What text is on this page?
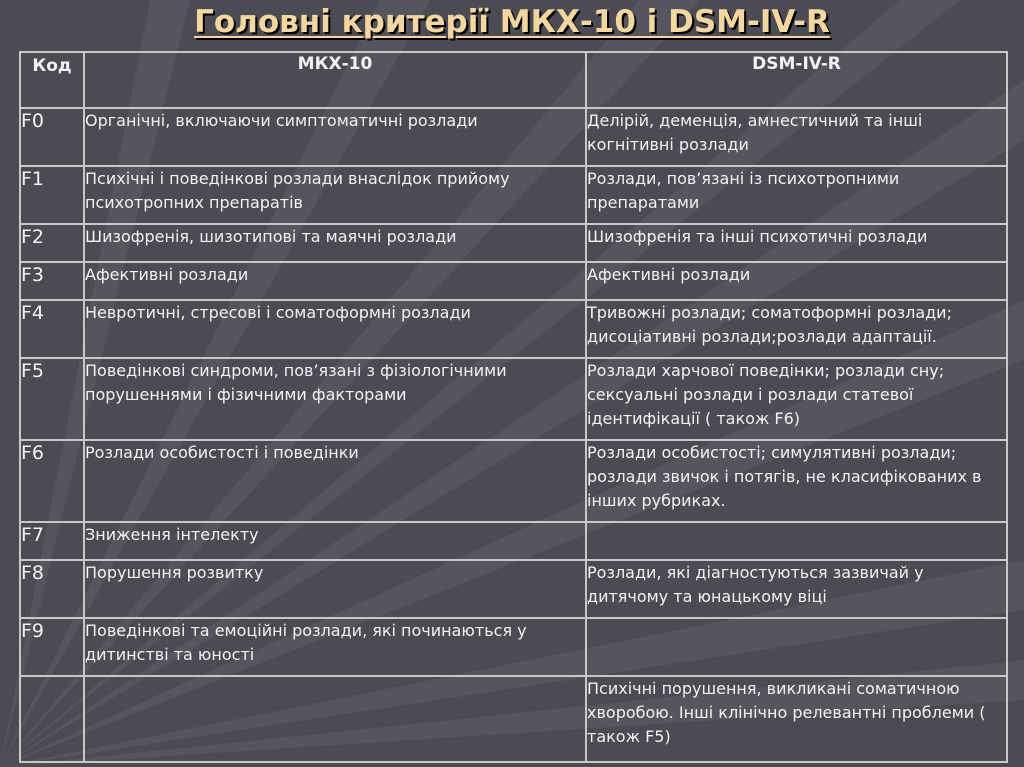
Головні критерії МКХ-10 і DSM-IV-R
Код	МКХ-10	DSM-IV-R
F0	Органічні, включаючи симптоматичні розлади	Делірій, деменція, амнестичний та інші когнітивні розлади
F1	Психічні і поведінкові розлади внаслідок прийому психотропних препаратів	Розлади, пов’язані із психотропними препаратами
F2	Шизофренія, шизотипові та маячні розлади	Шизофренія та інші психотичні розлади
F3	Афективні розлади	Афективні розлади
F4	Невротичні, стресові і соматоформні розлади	Тривожні розлади; соматоформні розлади; дисоціативні розлади;розлади адаптації.
F5	Поведінкові синдроми, пов’язані з фізіологічними порушеннями і фізичними факторами	Розлади харчової поведінки; розлади сну; сексуальні розлади і розлади статевої ідентифікації ( також F6)
F6	Розлади особистості і поведінки	Розлади особистості; симулятивні розлади; розлади звичок і потягів, не класифікованих в інших рубриках.
F7	Зниження інтелекту	
F8	Порушення розвитку	Розлади, які діагностуються зазвичай у дитячому та юнацькому віці
F9	Поведінкові та емоційні розлади, які починаються у дитинстві та юності	
		Психічні порушення, викликані соматичною хворобою. Інші клінічно релевантні проблеми ( також F5)
